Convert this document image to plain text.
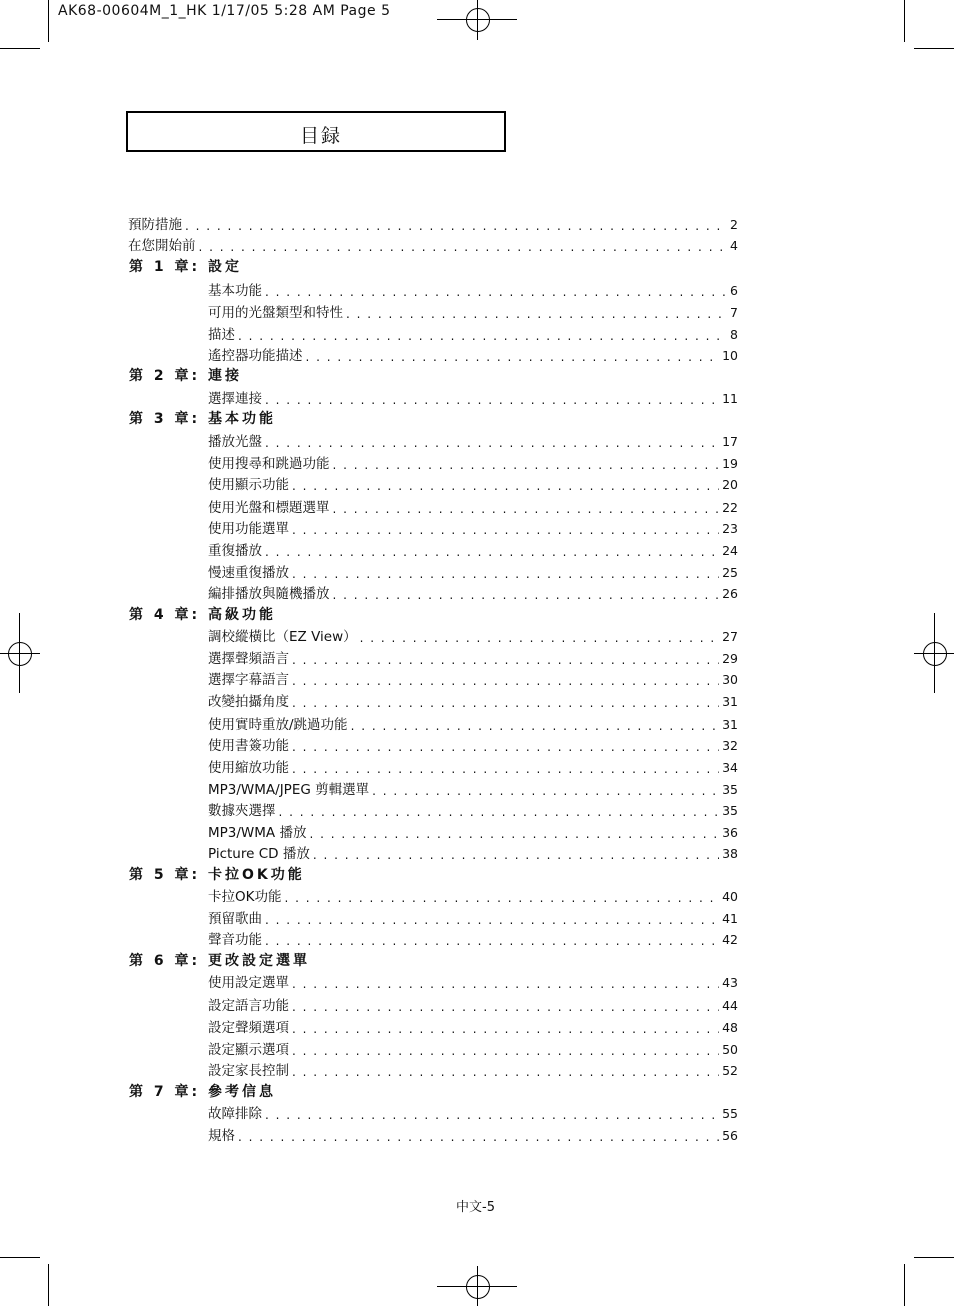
AK68-00604M_1_HK 1/17/05 5:28 AM Page 5
目録
預防措施 . . .	2
在您開始前 . . .	4
第 1 章: 設定
基本功能 . . .	6
可用的光盤類型和特性 . . .	7
描述 . . .	8
遙控器功能描述 . . .	10
第 2 章: 連接
選擇連接 . . .	11
第 3 章: 基本功能
播放光盤 . . .	17
使用搜尋和跳過功能 . . .	19
使用顯示功能 . . .	20
使用光盤和標題選單 . . .	22
使用功能選單 . . .	23
重復播放 . . .	24
慢速重復播放 . . .	25
編排播放與隨機播放 . . .	26
第 4 章: 高級功能
調校縱橫比（EZ View） . . .	27
選擇聲頻語言 . . .	29
選擇字幕語言 . . .	30
改變拍攝角度 . . .	31
使用實時重放/跳過功能 . . .	31
使用書簽功能 . . .	32
使用縮放功能 . . .	34
MP3/WMA/JPEG 剪輯選單 . . .	35
數據夾選擇 . . .	35
MP3/WMA 播放 . . .	36
Picture CD 播放 . . .	38
第 5 章: 卡拉OK功能
卡拉OK功能 . . .	40
預留歌曲 . . .	41
聲音功能 . . .	42
第 6 章: 更改設定選單
使用設定選單 . . .	43
設定語言功能 . . .	44
設定聲頻選項 . . .	48
設定顯示選項 . . .	50
設定家長控制 . . .	52
第 7 章: 參考信息
故障排除 . . .	55
規格 . . .	56
中文-5
